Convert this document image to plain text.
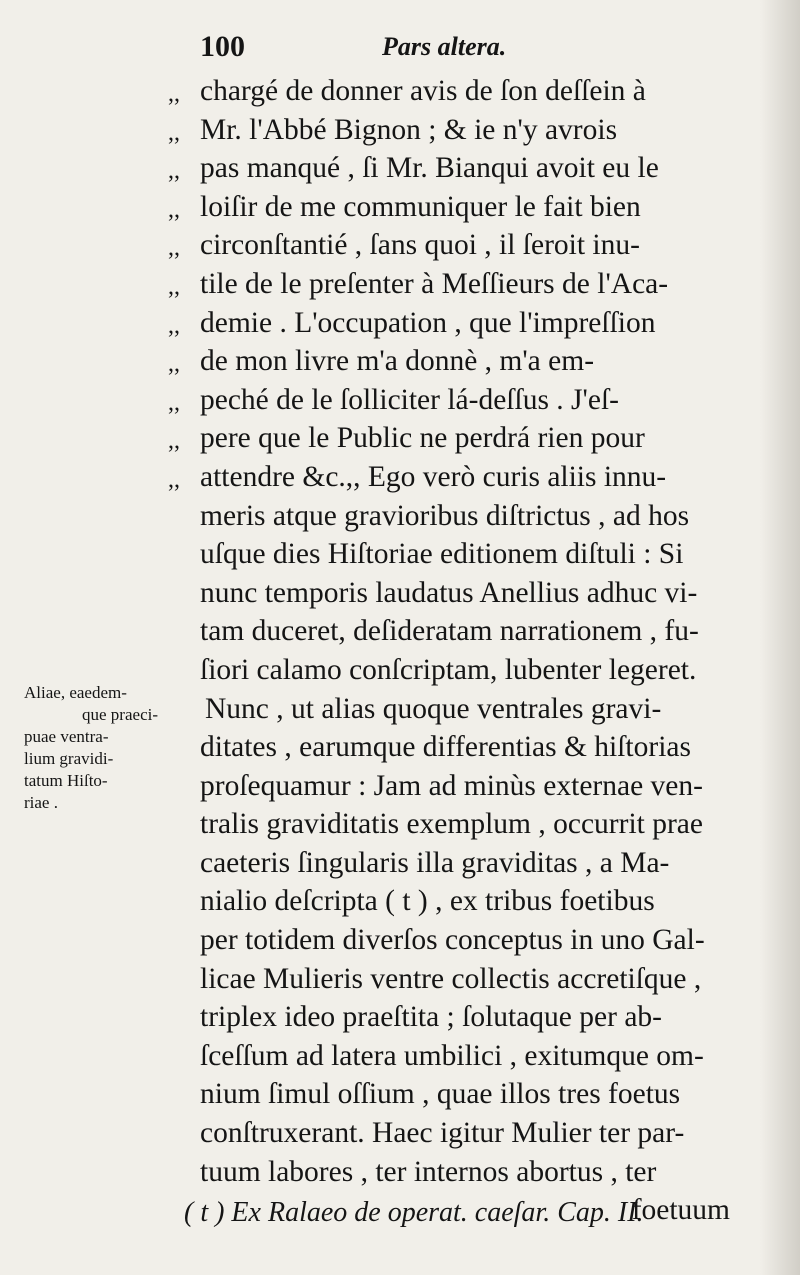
100	Pars altera.
Aliae, eaedem-
que praeci-
puae ventra-
lium gravidi-
tatum Hiſto-
riae .
,, chargé de donner avis de ſon deſſein à
,, Mr. l'Abbé Bignon ; & ie n'y avrois
,, pas manqué , ſi Mr. Bianqui avoit eu le
,, loiſir de me communiquer le fait bien
,, circonſtantié , ſans quoi , il ſeroit inu-
,, tile de le preſenter à Meſſieurs de l'Aca-
,, demie . L'occupation , que l'impreſſion
,, de mon livre m'a donnè , m'a em-
,, peché de le ſolliciter lá-deſſus . J'eſ-
,, pere que le Public ne perdrá rien pour
,, attendre &c.,, Ego verò curis aliis innu-
meris atque gravioribus diſtrictus , ad hos
uſque dies Hiſtoriae editionem diſtuli : Si
nunc temporis laudatus Anellius adhuc vi-
tam duceret, deſideratam narrationem , fu-
ſiori calamo conſcriptam, lubenter legeret.
Nunc , ut alias quoque ventrales gravi-
ditates , earumque differentias & hiſtorias
proſequamur : Jam ad minùs externae ven-
tralis graviditatis exemplum , occurrit prae
caeteris ſingularis illa graviditas , a Ma-
nialio deſcripta ( t ) , ex tribus foetibus
per totidem diverſos conceptus in uno Gal-
licae Mulieris ventre collectis accretiſque ,
triplex ideo praeſtita ; ſolutaque per ab-
ſceſſum ad latera umbilici , exitumque om-
nium ſimul oſſium , quae illos tres foetus
conſtruxerant. Haec igitur Mulier ter par-
tuum labores , ter internos abortus , ter
foetuum
( t ) Ex Ralaeo de operat. caeſar. Cap. II.
